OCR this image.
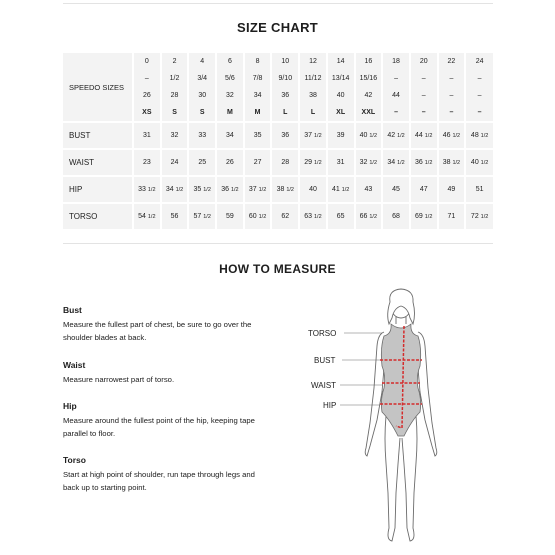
SIZE CHART
SPEEDO SIZES	0	2	4	6	8	10	12	14	16	18	20	22	24
	–	1/2	3/4	5/6	7/8	9/10	11/12	13/14	15/16	–	–	–	–
	26	28	30	32	34	36	38	40	42	44	–	–	–
	XS	S	S	M	M	L	L	XL	XXL	–	–	–	–
BUST	31	32	33	34	35	36	37 1/2	39	40 1/2	42 1/2	44 1/2	46 1/2	48 1/2
WAIST	23	24	25	26	27	28	29 1/2	31	32 1/2	34 1/2	36 1/2	38 1/2	40 1/2
HIP	33 1/2	34 1/2	35 1/2	36 1/2	37 1/2	38 1/2	40	41 1/2	43	45	47	49	51
TORSO	54 1/2	56	57 1/2	59	60 1/2	62	63 1/2	65	66 1/2	68	69 1/2	71	72 1/2
HOW TO MEASURE
Bust
Measure the fullest part of chest, be sure to go over the shoulder blades at back.
Waist
Measure narrowest part of torso.
Hip
Measure around the fullest point of the hip, keeping tape parallel to floor.
Torso
Start at high point of shoulder, run tape through legs and back up to starting point.
TORSO
BUST
WAIST
HIP
